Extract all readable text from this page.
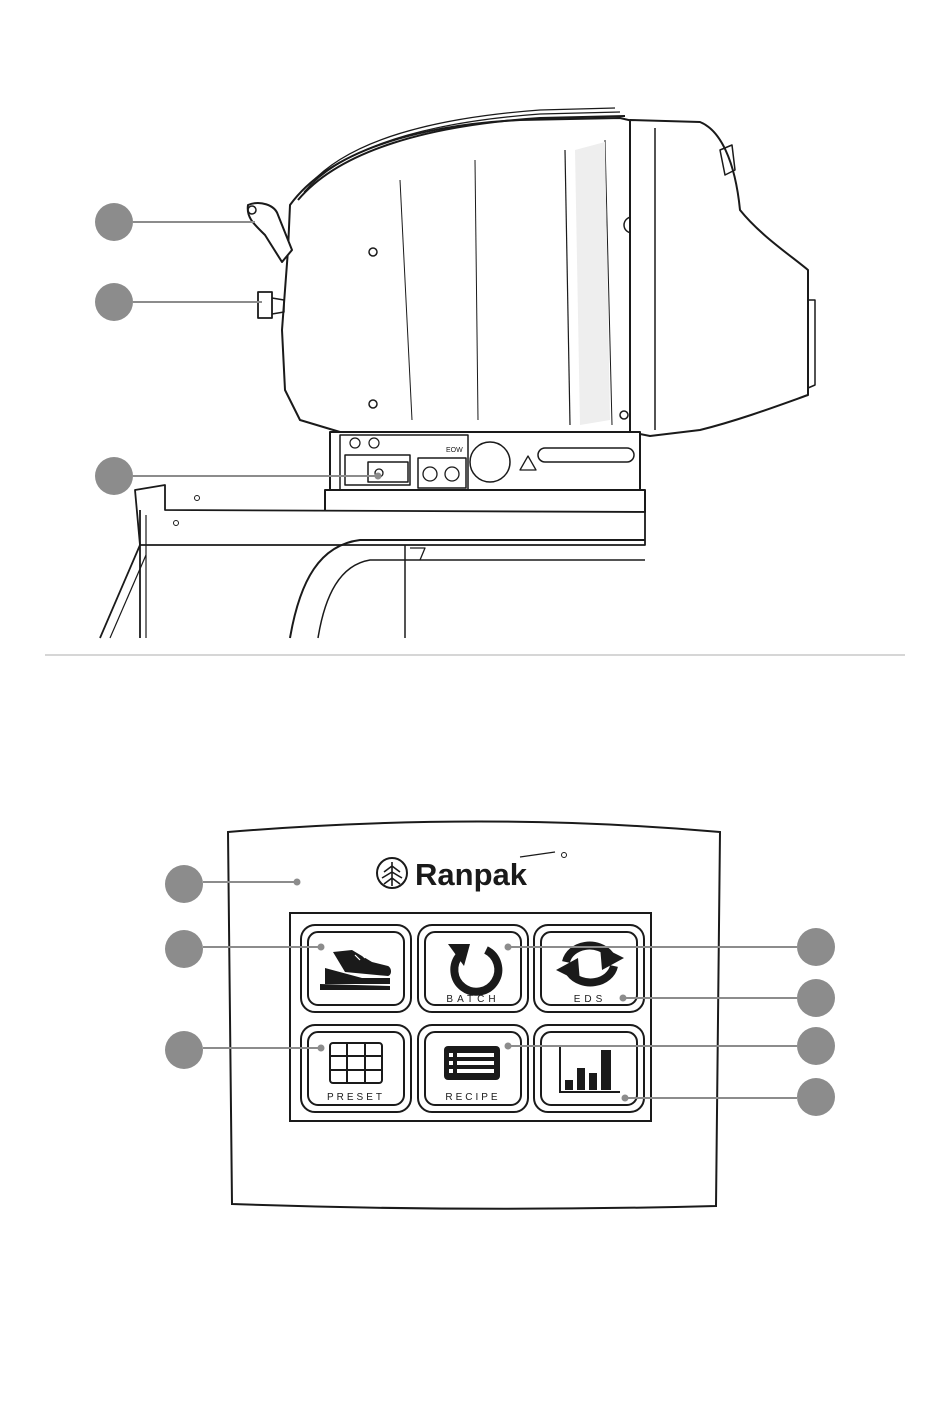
EOW
Ranpak
BATCH	EDS
PRESET	RECIPE
